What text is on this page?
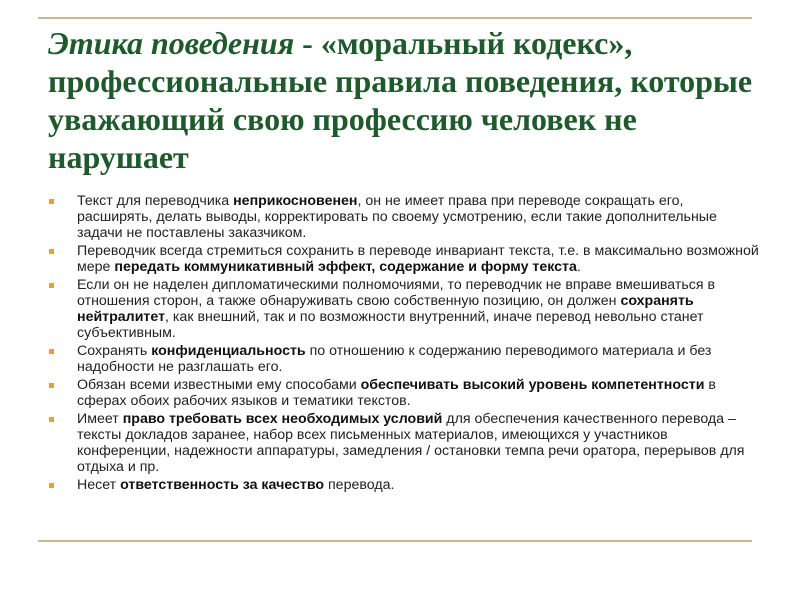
Этика поведения - «моральный кодекс», профессиональные правила поведения, которые уважающий свою профессию человек не нарушает
Текст для переводчика неприкосновенен, он не имеет права при переводе сокращать его, расширять, делать выводы, корректировать по своему усмотрению, если такие дополнительные задачи не поставлены заказчиком.
Переводчик всегда стремиться сохранить в переводе инвариант текста, т.е. в максимально возможной мере передать коммуникативный эффект, содержание и форму текста.
Если он не наделен дипломатическими полномочиями, то переводчик не вправе вмешиваться в отношения сторон, а также обнаруживать свою собственную позицию, он должен сохранять нейтралитет, как внешний, так и по возможности внутренний, иначе перевод невольно станет субъективным.
Сохранять конфиденциальность по отношению к содержанию переводимого материала и без надобности не разглашать его.
Обязан всеми известными ему способами обеспечивать высокий уровень компетентности в сферах обоих рабочих языков и тематики текстов.
Имеет право требовать всех необходимых условий для обеспечения качественного перевода – тексты докладов заранее, набор всех письменных материалов, имеющихся у участников конференции, надежности аппаратуры, замедления / остановки темпа речи оратора, перерывов для отдыха и пр.
Несет ответственность за качество перевода.
